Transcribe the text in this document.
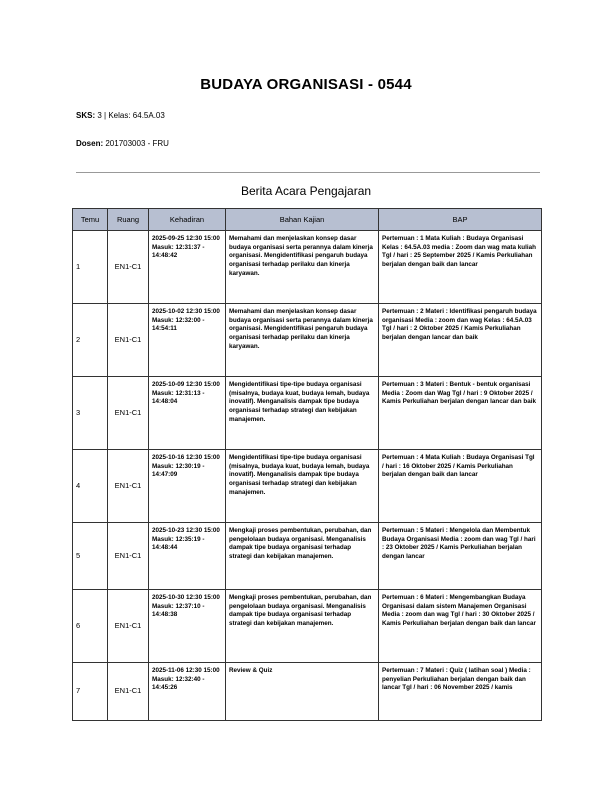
BUDAYA ORGANISASI - 0544
SKS: 3 | Kelas: 64.5A.03
Dosen: 201703003 - FRU
Berita Acara Pengajaran
Temu	Ruang	Kehadiran	Bahan Kajian	BAP
1	EN1-C1	2025-09-25 12:30 15:00 Masuk: 12:31:37 - 14:48:42	Memahami dan menjelaskan konsep dasar budaya organisasi serta perannya dalam kinerja organisasi. Mengidentifikasi pengaruh budaya organisasi terhadap perilaku dan kinerja karyawan.	Pertemuan : 1 Mata Kuliah : Budaya Organisasi Kelas : 64.5A.03 media : Zoom dan wag mata kuliah Tgl / hari : 25 September 2025 / Kamis Perkuliahan berjalan dengan baik dan lancar
2	EN1-C1	2025-10-02 12:30 15:00 Masuk: 12:32:00 - 14:54:11	Memahami dan menjelaskan konsep dasar budaya organisasi serta perannya dalam kinerja organisasi. Mengidentifikasi pengaruh budaya organisasi terhadap perilaku dan kinerja karyawan.	Pertemuan : 2 Materi : Identifikasi pengaruh budaya organisasi Media : zoom dan wag Kelas : 64.5A.03 Tgl / hari : 2 Oktober 2025 / Kamis Perkuliahan berjalan dengan lancar dan baik
3	EN1-C1	2025-10-09 12:30 15:00 Masuk: 12:31:13 - 14:48:04	Mengidentifikasi tipe-tipe budaya organisasi (misalnya, budaya kuat, budaya lemah, budaya inovatif). Menganalisis dampak tipe budaya organisasi terhadap strategi dan kebijakan manajemen.	Pertemuan : 3 Materi : Bentuk - bentuk organisasi Media : Zoom dan Wag Tgl / hari : 9 Oktober 2025 / Kamis Perkuliahan berjalan dengan lancar dan baik
4	EN1-C1	2025-10-16 12:30 15:00 Masuk: 12:30:19 - 14:47:09	Mengidentifikasi tipe-tipe budaya organisasi (misalnya, budaya kuat, budaya lemah, budaya inovatif). Menganalisis dampak tipe budaya organisasi terhadap strategi dan kebijakan manajemen.	Pertemuan : 4 Mata Kuliah : Budaya Organisasi Tgl / hari : 16 Oktober 2025 / Kamis Perkuliahan berjalan dengan baik dan lancar
5	EN1-C1	2025-10-23 12:30 15:00 Masuk: 12:35:19 - 14:48:44	Mengkaji proses pembentukan, perubahan, dan pengelolaan budaya organisasi. Menganalisis dampak tipe budaya organisasi terhadap strategi dan kebijakan manajemen.	Pertemuan : 5 Materi : Mengelola dan Membentuk Budaya Organisasi Media : zoom dan wag Tgl / hari : 23 Oktober 2025 / Kamis Perkuliahan berjalan dengan lancar
6	EN1-C1	2025-10-30 12:30 15:00 Masuk: 12:37:10 - 14:48:38	Mengkaji proses pembentukan, perubahan, dan pengelolaan budaya organisasi. Menganalisis dampak tipe budaya organisasi terhadap strategi dan kebijakan manajemen.	Pertemuan : 6 Materi : Mengembangkan Budaya Organisasi dalam sistem Manajemen Organisasi Media : zoom dan wag Tgl / hari : 30 Oktober 2025 / Kamis Perkuliahan berjalan dengan baik dan lancar
7	EN1-C1	2025-11-06 12:30 15:00 Masuk: 12:32:40 - 14:45:26	Review & Quiz	Pertemuan : 7 Materi : Quiz ( latihan soal ) Media : penyelian Perkuliahan berjalan dengan baik dan lancar Tgl / hari : 06 November 2025 / kamis
